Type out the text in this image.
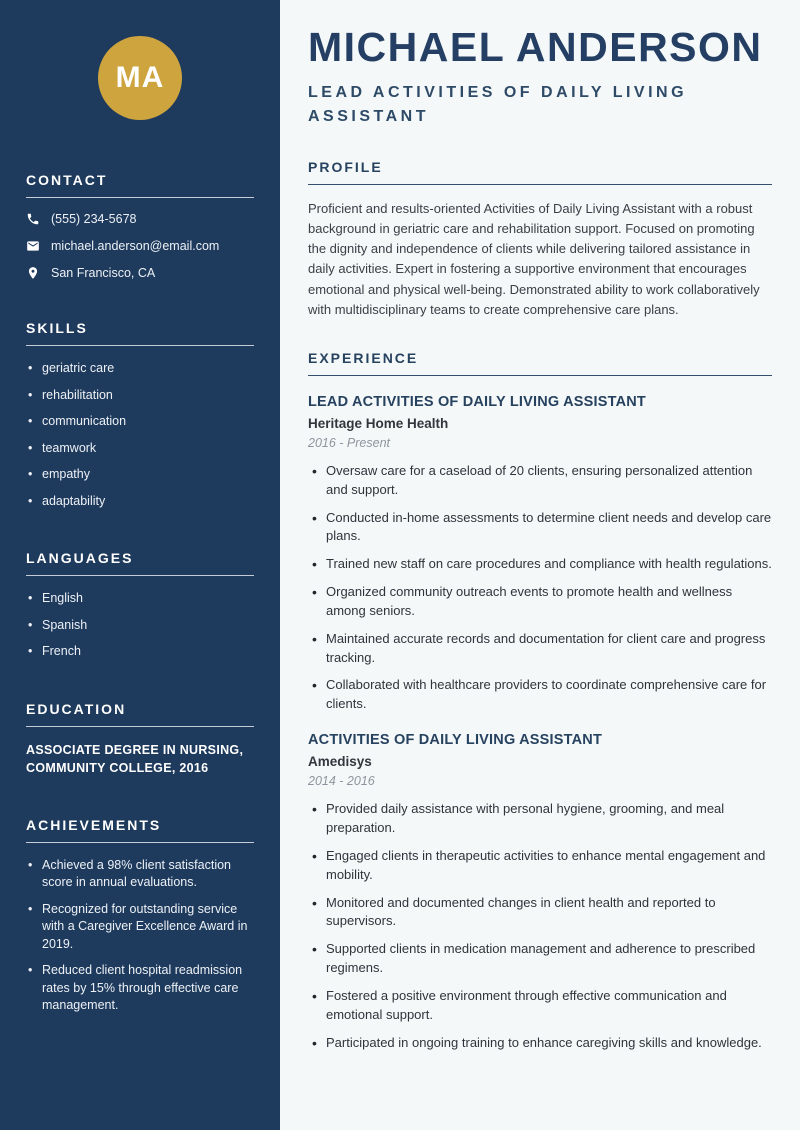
MA
CONTACT
(555) 234-5678
michael.anderson@email.com
San Francisco, CA
SKILLS
• geriatric care
• rehabilitation
• communication
• teamwork
• empathy
• adaptability
LANGUAGES
• English
• Spanish
• French
EDUCATION
ASSOCIATE DEGREE IN NURSING, COMMUNITY COLLEGE, 2016
ACHIEVEMENTS
• Achieved a 98% client satisfaction score in annual evaluations.
• Recognized for outstanding service with a Caregiver Excellence Award in 2019.
• Reduced client hospital readmission rates by 15% through effective care management.
MICHAEL ANDERSON
LEAD ACTIVITIES OF DAILY LIVING ASSISTANT
PROFILE

Proficient and results-oriented Activities of Daily Living Assistant with a robust background in geriatric care and rehabilitation support. Focused on promoting the dignity and independence of clients while delivering tailored assistance in daily activities. Expert in fostering a supportive environment that encourages emotional and physical well-being. Demonstrated ability to work collaboratively with multidisciplinary teams to create comprehensive care plans.

EXPERIENCE
LEAD ACTIVITIES OF DAILY LIVING ASSISTANT

Heritage Home Health

2016 - Present

• Oversaw care for a caseload of 20 clients, ensuring personalized attention and support.
• Conducted in-home assessments to determine client needs and develop care plans.
• Trained new staff on care procedures and compliance with health regulations.
• Organized community outreach events to promote health and wellness among seniors.
• Maintained accurate records and documentation for client care and progress tracking.
• Collaborated with healthcare providers to coordinate comprehensive care for clients.
ACTIVITIES OF DAILY LIVING ASSISTANT

Amedisys

2014 - 2016

• Provided daily assistance with personal hygiene, grooming, and meal preparation.
• Engaged clients in therapeutic activities to enhance mental engagement and mobility.
• Monitored and documented changes in client health and reported to supervisors.
• Supported clients in medication management and adherence to prescribed regimens.
• Fostered a positive environment through effective communication and emotional support.
• Participated in ongoing training to enhance caregiving skills and knowledge.
